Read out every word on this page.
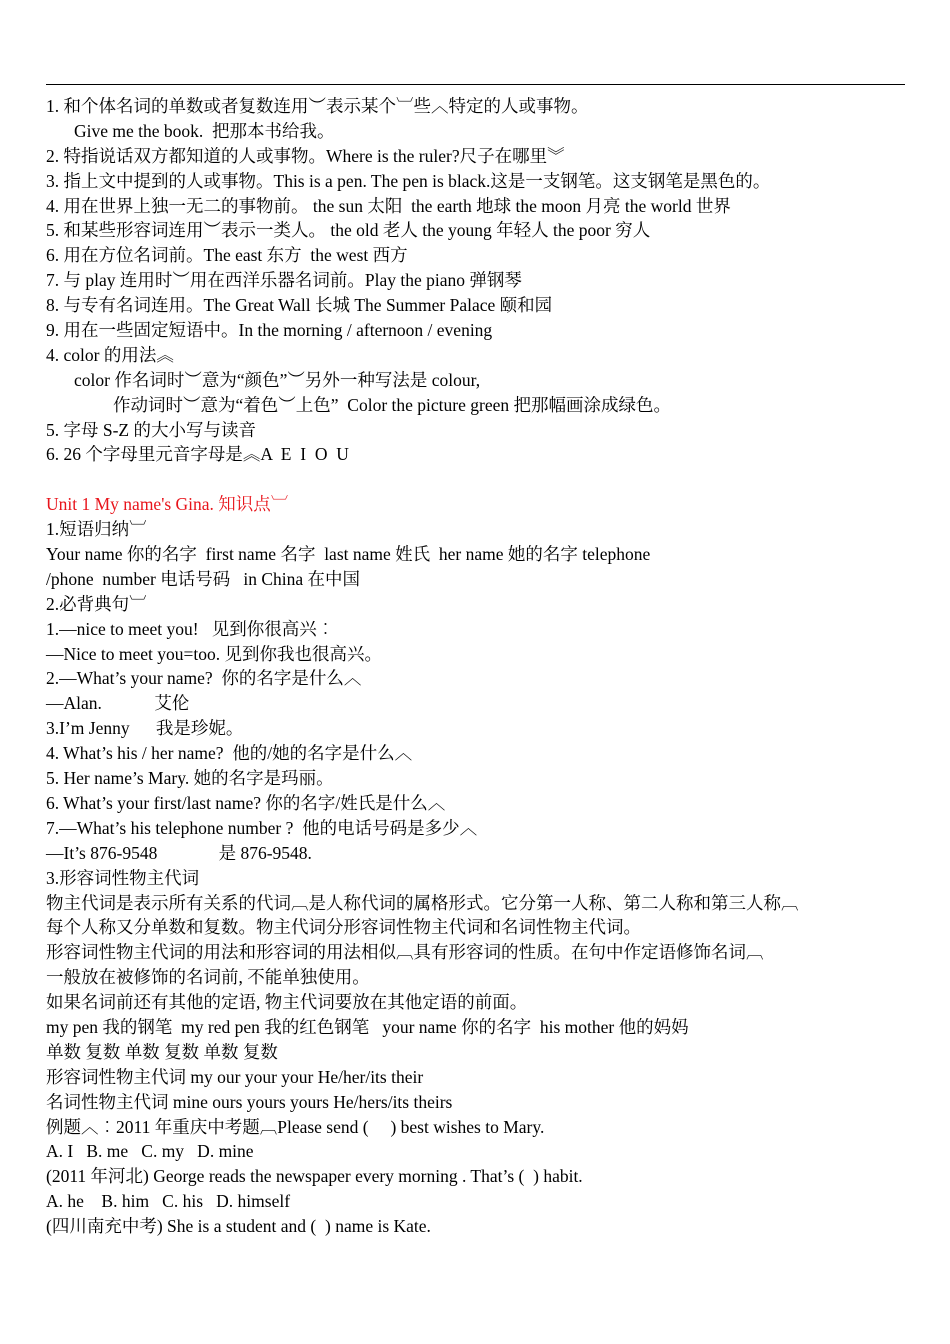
1. 和个体名词的单数或者复数连用︶表示某个︺些︿特定的人或事物。
Give me the book.  把那本书给我。
2. 特指说话双方都知道的人或事物。Where is the ruler?尺子在哪里︾
3. 指上文中提到的人或事物。This is a pen. The pen is black.这是一支钢笔。这支钢笔是黑色的。
4. 用在世界上独一无二的事物前。 the sun 太阳  the earth 地球 the moon 月亮 the world 世界
5. 和某些形容词连用︶表示一类人。 the old 老人 the young 年轻人 the poor 穷人
6. 用在方位名词前。The east 东方  the west 西方
7. 与 play 连用时︶用在西洋乐器名词前。Play the piano 弹钢琴
8. 与专有名词连用。The Great Wall 长城 The Summer Palace 颐和园
9. 用在一些固定短语中。In the morning / afternoon / evening
4. color 的用法︽
color 作名词时︶意为“颜色”︶另外一种写法是 colour,
作动词时︶意为“着色︶上色”  Color the picture green 把那幅画涂成绿色。
5. 字母 S-Z 的大小写与读音
6. 26 个字母里元音字母是︽A  E  I  O  U
Unit 1 My name's Gina. 知识点︺
1.短语归纳︺
Your name 你的名字  first name 名字  last name 姓氏  her name 她的名字 telephone
/phone  number 电话号码   in China 在中国
2.必背典句︺
1.—nice to meet you!   见到你很高兴︰
—Nice to meet you=too. 见到你我也很高兴。
2.—What’s your name?  你的名字是什么︿
—Alan.            艾伦
3.I’m Jenny      我是珍妮。
4. What’s his / her name?  他的/她的名字是什么︿
5. Her name’s Mary. 她的名字是玛丽。
6. What’s your first/last name? 你的名字/姓氏是什么︿
7.—What’s his telephone number ?  他的电话号码是多少︿
—It’s 876-9548              是 876-9548.
3.形容词性物主代词
物主代词是表示所有关系的代词︹是人称代词的属格形式。它分第一人称、第二人称和第三人称︹
每个人称又分单数和复数。物主代词分形容词性物主代词和名词性物主代词。
形容词性物主代词的用法和形容词的用法相似︹具有形容词的性质。在句中作定语修饰名词︹
一般放在被修饰的名词前, 不能单独使用。
如果名词前还有其他的定语, 物主代词要放在其他定语的前面。
my pen 我的钢笔  my red pen 我的红色钢笔   your name 你的名字  his mother 他的妈妈
单数 复数 单数 复数 单数 复数
形容词性物主代词 my our your your He/her/its their
名词性物主代词 mine ours yours yours He/hers/its theirs
例题︿︰2011 年重庆中考题︹Please send (     ) best wishes to Mary.
A. I   B. me   C. my   D. mine
(2011 年河北) George reads the newspaper every morning . That’s (  ) habit.
A. he    B. him   C. his   D. himself
(四川南充中考) She is a student and (  ) name is Kate.
